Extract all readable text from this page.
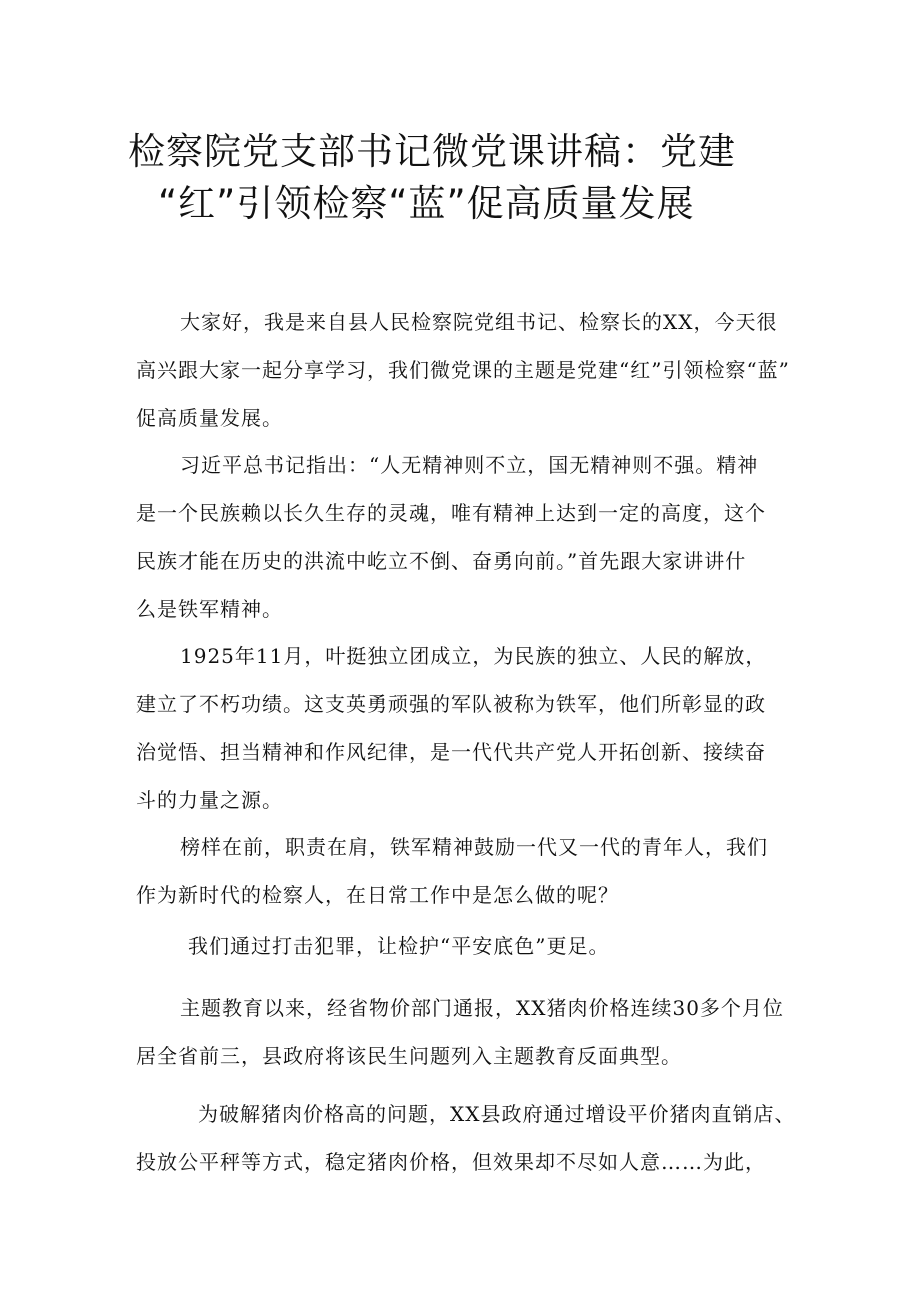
检察院党支部书记微党课讲稿：党建
“红”引领检察“蓝”促高质量发展
大家好，我是来自县人民检察院党组书记、检察长的XX，今天很
高兴跟大家一起分享学习，我们微党课的主题是党建“红”引领检察“蓝”
促高质量发展。
习近平总书记指出：“人无精神则不立，国无精神则不强。精神
是一个民族赖以长久生存的灵魂，唯有精神上达到一定的高度，这个
民族才能在历史的洪流中屹立不倒、奋勇向前。”首先跟大家讲讲什
么是铁军精神。
1925年11月，叶挺独立团成立，为民族的独立、人民的解放，
建立了不朽功绩。这支英勇顽强的军队被称为铁军，他们所彰显的政
治觉悟、担当精神和作风纪律，是一代代共产党人开拓创新、接续奋
斗的力量之源。
榜样在前，职责在肩，铁军精神鼓励一代又一代的青年人，我们
作为新时代的检察人，在日常工作中是怎么做的呢？
我们通过打击犯罪，让检护“平安底色”更足。
主题教育以来，经省物价部门通报，XX猪肉价格连续30多个月位
居全省前三，县政府将该民生问题列入主题教育反面典型。
为破解猪肉价格高的问题，XX县政府通过增设平价猪肉直销店、
投放公平秤等方式，稳定猪肉价格，但效果却不尽如人意……为此，
